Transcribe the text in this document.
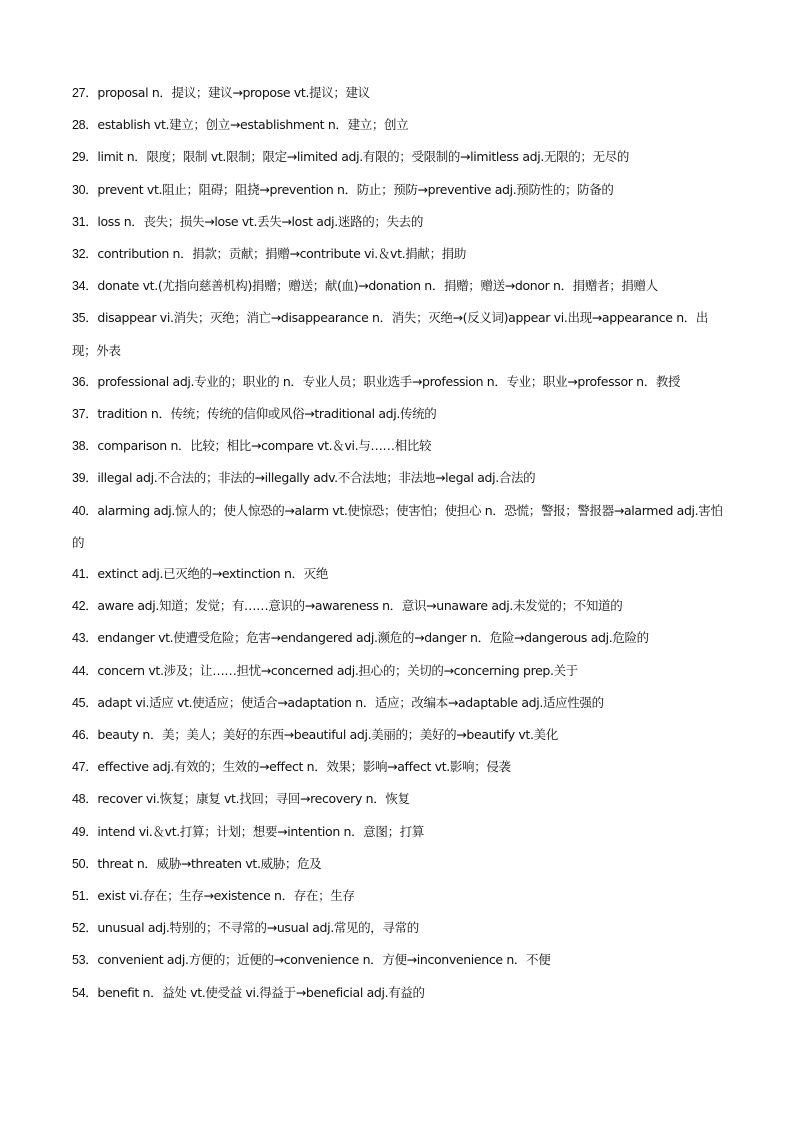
27．proposal n．提议；建议→propose vt.提议；建议
28．establish vt.建立；创立→establishment n．建立；创立
29．limit n．限度；限制 vt.限制；限定→limited adj.有限的；受限制的→limitless adj.无限的；无尽的
30．prevent vt.阻止；阻碍；阻挠→prevention n．防止；预防→preventive adj.预防性的；防备的
31．loss n．丧失；损失→lose vt.丢失→lost adj.迷路的；失去的
32．contribution n．捐款；贡献；捐赠→contribute vi.＆vt.捐献；捐助
34．donate vt.(尤指向慈善机构)捐赠；赠送；献(血)→donation n．捐赠；赠送→donor n．捐赠者；捐赠人
35．disappear vi.消失；灭绝；消亡→disappearance n．消失；灭绝→(反义词)appear vi.出现→appearance n．出现；外表
36．professional adj.专业的；职业的 n．专业人员；职业选手→profession n．专业；职业→professor n．教授
37．tradition n．传统；传统的信仰或风俗→traditional adj.传统的
38．comparison n．比较；相比→compare vt.＆vi.与……相比较
39．illegal adj.不合法的；非法的→illegally adv.不合法地；非法地→legal adj.合法的
40．alarming adj.惊人的；使人惊恐的→alarm vt.使惊恐；使害怕；使担心 n．恐慌；警报；警报器→alarmed adj.害怕的
41．extinct adj.已灭绝的→extinction n．灭绝
42．aware adj.知道；发觉；有……意识的→awareness n．意识→unaware adj.未发觉的；不知道的
43．endanger vt.使遭受危险；危害→endangered adj.濒危的→danger n．危险→dangerous adj.危险的
44．concern vt.涉及；让……担忧→concerned adj.担心的；关切的→concerning prep.关于
45．adapt vi.适应 vt.使适应；使适合→adaptation n．适应；改编本→adaptable adj.适应性强的
46．beauty n．美；美人；美好的东西→beautiful adj.美丽的；美好的→beautify vt.美化
47．effective adj.有效的；生效的→effect n．效果；影响→affect vt.影响；侵袭
48．recover vi.恢复；康复 vt.找回；寻回→recovery n．恢复
49．intend vi.＆vt.打算；计划；想要→intention n．意图；打算
50．threat n．威胁→threaten vt.威胁；危及
51．exist vi.存在；生存→existence n．存在；生存
52．unusual adj.特别的；不寻常的→usual adj.常见的，寻常的
53．convenient adj.方便的；近便的→convenience n．方便→inconvenience n．不便
54．benefit n．益处 vt.使受益 vi.得益于→beneficial adj.有益的
